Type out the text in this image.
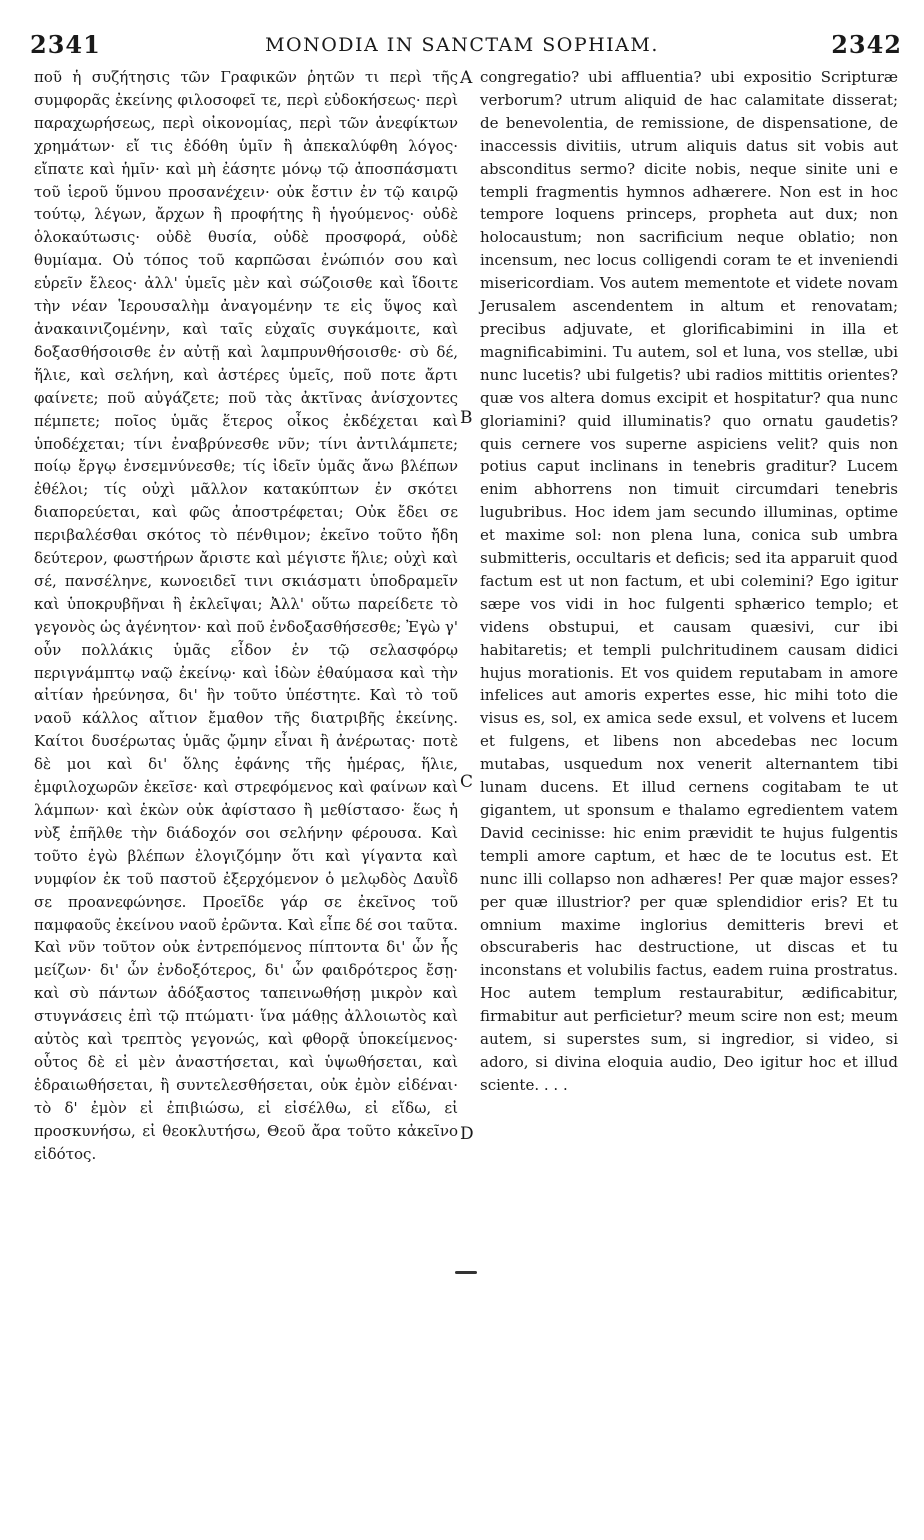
2341	MONODIA IN SANCTAM SOPHIAM.	2342

ποῦ ἡ συζήτησις τῶν Γραφικῶν ῥητῶν τι περὶ τῆς συμφορᾶς ἐκείνης φιλοσοφεῖ τε, περὶ εὐδοκήσεως· περὶ παραχωρήσεως, περὶ οἰκονομίας, περὶ τῶν ἀνεφίκτων χρημάτων· εἴ τις ἐδόθη ὑμῖν ἢ ἀπεκαλύφθη λόγος· εἴπατε καὶ ἡμῖν· καὶ μὴ ἐάσητε μόνῳ τῷ ἀποσπάσματι τοῦ ἱεροῦ ὕμνου προσανέχειν· οὐκ ἔστιν ἐν τῷ καιρῷ τούτῳ, λέγων, ἄρχων ἢ προφήτης ἢ ἡγούμενος· οὐδὲ ὁλοκαύτωσις· οὐδὲ θυσία, οὐδὲ προσφορά, οὐδὲ θυμίαμα. Οὐ τόπος τοῦ καρπῶσαι ἐνώπιόν σου καὶ εὑρεῖν ἔλεος· ἀλλ' ὑμεῖς μὲν καὶ σώζοισθε καὶ ἴδοιτε τὴν νέαν Ἱερουσαλὴμ ἀναγομένην τε εἰς ὕψος καὶ ἀνακαινιζομένην, καὶ ταῖς εὐχαῖς συγκάμοιτε, καὶ δοξασθήσοισθε ἐν αὐτῇ καὶ λαμπρυνθήσοισθε· σὺ δέ, ἥλιε, καὶ σελήνη, καὶ ἀστέρες ὑμεῖς, ποῦ ποτε ἄρτι φαίνετε; ποῦ αὐγάζετε; ποῦ τὰς ἀκτῖνας ἀνίσχοντες πέμπετε; ποῖος ὑμᾶς ἕτερος οἶκος ἐκδέχεται καὶ ὑποδέχεται; τίνι ἐναβρύνεσθε νῦν; τίνι ἀντιλάμπετε; ποίῳ ἔργῳ ἐνσεμνύνεσθε; τίς ἰδεῖν ὑμᾶς ἄνω βλέπων ἐθέλοι; τίς οὐχὶ μᾶλλον κατακύπτων ἐν σκότει διαπορεύεται, καὶ φῶς ἀποστρέφεται; Οὐκ ἔδει σε περιβαλέσθαι σκότος τὸ πένθιμον; ἐκεῖνο τοῦτο ἤδη δεύτερον, φωστήρων ἄριστε καὶ μέγιστε ἥλιε; οὐχὶ καὶ σέ, πανσέληνε, κωνοειδεῖ τινι σκιάσματι ὑποδραμεῖν καὶ ὑποκρυβῆναι ἢ ἐκλεῖψαι; Ἀλλ' οὕτω παρείδετε τὸ γεγονὸς ὡς ἀγένητον· καὶ ποῦ ἐνδοξασθήσεσθε; Ἐγὼ γ' οὖν πολλάκις ὑμᾶς εἶδον ἐν τῷ σελασφόρῳ περιγνάμπτῳ ναῷ ἐκείνῳ· καὶ ἰδὼν ἐθαύμασα καὶ τὴν αἰτίαν ἠρεύνησα, δι' ἣν τοῦτο ὑπέστητε. Καὶ τὸ τοῦ ναοῦ κάλλος αἴτιον ἔμαθον τῆς διατριβῆς ἐκείνης. Καίτοι δυσέρωτας ὑμᾶς ᾤμην εἶναι ἢ ἀνέρωτας· ποτὲ δὲ μοι καὶ δι' ὅλης ἐφάνης τῆς ἡμέρας, ἥλιε, ἐμφιλοχωρῶν ἐκεῖσε· καὶ στρεφόμενος καὶ φαίνων καὶ λάμπων· καὶ ἑκὼν οὐκ ἀφίστασο ἢ μεθίστασο· ἕως ἡ νὺξ ἐπῆλθε τὴν διάδοχόν σοι σελήνην φέρουσα. Καὶ τοῦτο ἐγὼ βλέπων ἐλογιζόμην ὅτι καὶ γίγαντα καὶ νυμφίον ἐκ τοῦ παστοῦ ἐξερχόμενον ὁ μελῳδὸς Δαυῒδ σε προανεφώνησε. Προεῖδε γάρ σε ἐκεῖνος τοῦ παμφαοῦς ἐκείνου ναοῦ ἐρῶντα. Καὶ εἶπε δέ σοι ταῦτα. Καὶ νῦν τοῦτον οὐκ ἐντρεπόμενος πίπτοντα δι' ὧν ἧς μείζων· δι' ὧν ἐνδοξότερος, δι' ὧν φαιδρότερος ἔσῃ· καὶ σὺ πάντων ἀδόξαστος ταπεινωθήσῃ μικρὸν καὶ στυγνάσεις ἐπὶ τῷ πτώματι· ἵνα μάθῃς ἀλλοιωτὸς καὶ αὐτὸς καὶ τρεπτὸς γεγονώς, καὶ φθορᾷ ὑποκείμενος· οὗτος δὲ εἰ μὲν ἀναστήσεται, καὶ ὑψωθήσεται, καὶ ἑδραιωθήσεται, ἢ συντελεσθήσεται, οὐκ ἐμὸν εἰδέναι· τὸ δ' ἐμὸν εἰ ἐπιβιώσω, εἰ εἰσέλθω, εἰ εἴδω, εἰ προσκυνήσω, εἰ θεοκλυτήσω, Θεοῦ ἄρα τοῦτο κἀκεῖνο εἰδότος.

A
B
C
D

congregatio? ubi affluentia? ubi expositio Scripturæ verborum? utrum aliquid de hac calamitate disserat; de benevolentia, de remissione, de dispensatione, de inaccessis divitiis, utrum aliquis datus sit vobis aut absconditus sermo? dicite nobis, neque sinite uni e templi fragmentis hymnos adhærere. Non est in hoc tempore loquens princeps, propheta aut dux; non holocaustum; non sacrificium neque oblatio; non incensum, nec locus colligendi coram te et inveniendi misericordiam. Vos autem mementote et videte novam Jerusalem ascendentem in altum et renovatam; precibus adjuvate, et glorificabimini in illa et magnificabimini. Tu autem, sol et luna, vos stellæ, ubi nunc lucetis? ubi fulgetis? ubi radios mittitis orientes? quæ vos altera domus excipit et hospitatur? qua nunc gloriamini? quid illuminatis? quo ornatu gaudetis? quis cernere vos superne aspiciens velit? quis non potius caput inclinans in tenebris graditur? Lucem enim abhorrens non timuit circumdari tenebris lugubribus. Hoc idem jam secundo illuminas, optime et maxime sol: non plena luna, conica sub umbra submitteris, occultaris et deficis; sed ita apparuit quod factum est ut non factum, et ubi colemini? Ego igitur sæpe vos vidi in hoc fulgenti sphærico templo; et videns obstupui, et causam quæsivi, cur ibi habitaretis; et templi pulchritudinem causam didici hujus morationis. Et vos quidem reputabam in amore infelices aut amoris expertes esse, hic mihi toto die visus es, sol, ex amica sede exsul, et volvens et lucem et fulgens, et libens non abcedebas nec locum mutabas, usquedum nox venerit alternantem tibi lunam ducens. Et illud cernens cogitabam te ut gigantem, ut sponsum e thalamo egredientem vatem David cecinisse: hic enim prævidit te hujus fulgentis templi amore captum, et hæc de te locutus est. Et nunc illi collapso non adhæres! Per quæ major esses? per quæ illustrior? per quæ splendidior eris? Et tu omnium maxime inglorius demitteris brevi et obscuraberis hac destructione, ut discas et tu inconstans et volubilis factus, eadem ruina prostratus. Hoc autem templum restaurabitur, ædificabitur, firmabitur aut perficietur? meum scire non est; meum autem, si superstes sum, si ingredior, si video, si adoro, si divina eloquia audio, Deo igitur hoc et illud sciente. . . .
